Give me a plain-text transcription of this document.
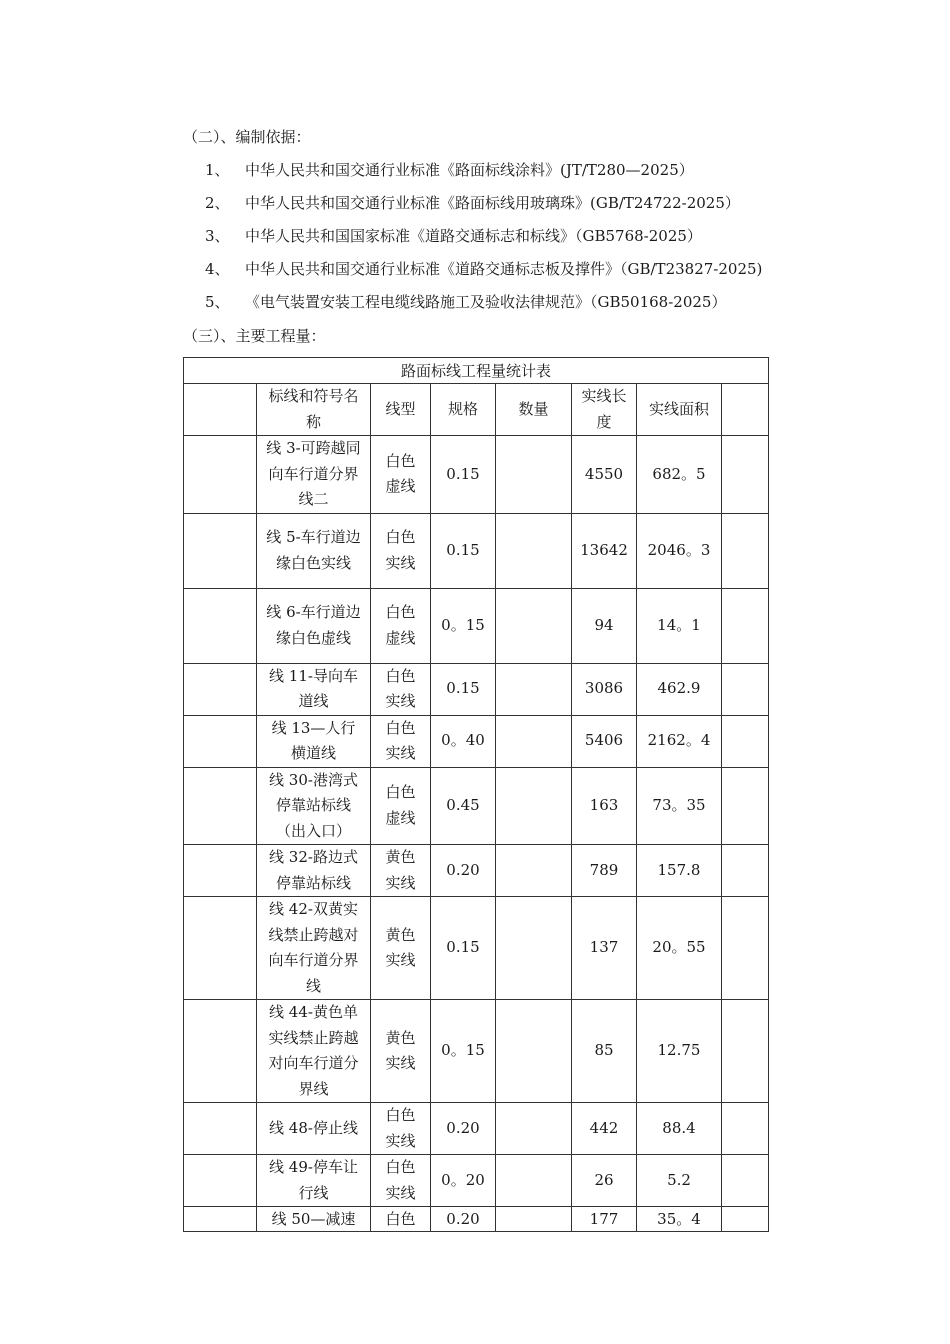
（二）、编制依据：
1、 中华人民共和国交通行业标准《路面标线涂料》(JT/T280—2025）
2、 中华人民共和国交通行业标准《路面标线用玻璃珠》(GB/T24722-2025）
3、 中华人民共和国国家标准《道路交通标志和标线》（GB5768-2025）
4、 中华人民共和国交通行业标准《道路交通标志板及撑件》（GB/T23827-2025)
5、 《电气装置安装工程电缆线路施工及验收法律规范》（GB50168-2025）
（三）、主要工程量：
路面标线工程量统计表							
	标线和符号名称	线型	规格	数量	实线长度	实线面积	
	线 3-可跨越同向车行道分界线二	白色虚线	0.15		4550	682。5	
	线 5-车行道边缘白色实线	白色实线	0.15		13642	2046。3	
	线 6-车行道边缘白色虚线	白色虚线	0。15		94	14。1	
	线 11-导向车道线	白色实线	0.15		3086	462.9	
	线 13—人行横道线	白色实线	0。40		5406	2162。4	
	线 30-港湾式停靠站标线（出入口）	白色虚线	0.45		163	73。35	
	线 32-路边式停靠站标线	黄色实线	0.20		789	157.8	
	线 42-双黄实线禁止跨越对向车行道分界线	黄色实线	0.15		137	20。55	
	线 44-黄色单实线禁止跨越对向车行道分界线	黄色实线	0。15		85	12.75	
	线 48-停止线	白色实线	0.20		442	88.4	
	线 49-停车让行线	白色实线	0。20		26	5.2	
	线 50—减速	白色	0.20		177	35。4	
